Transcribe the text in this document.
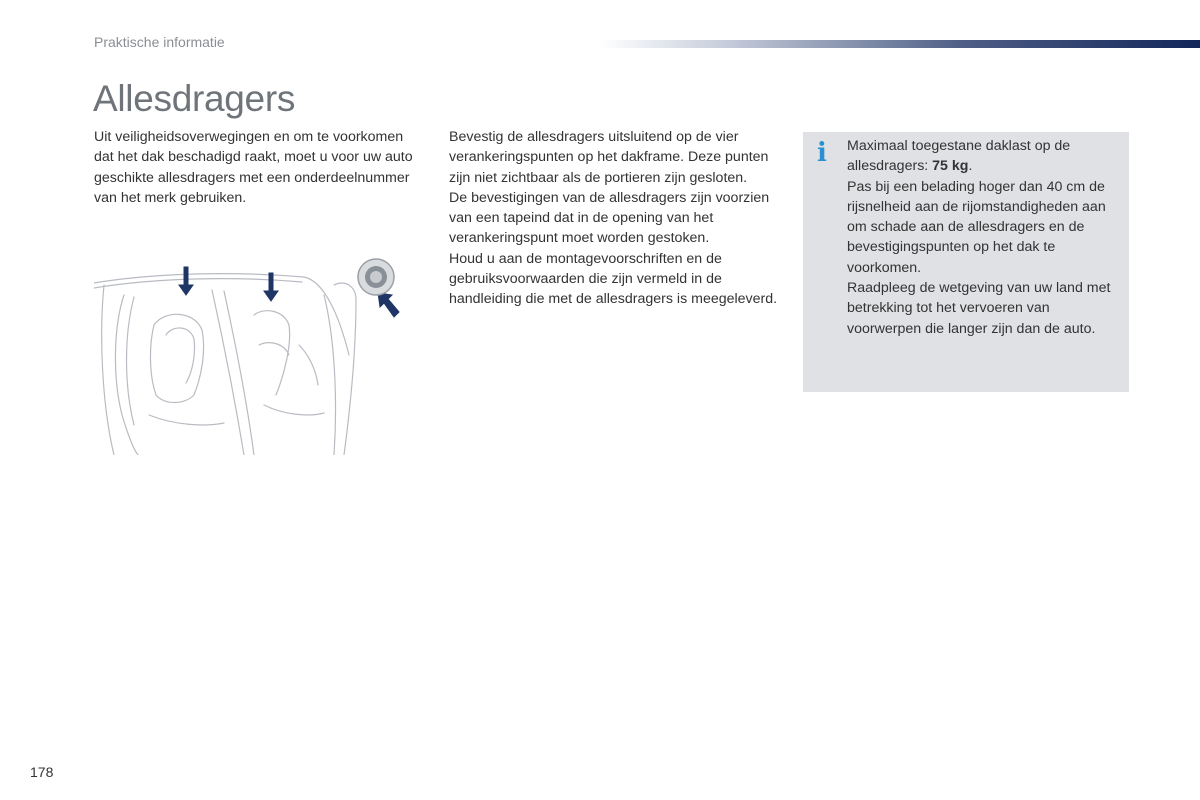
Praktische informatie
Allesdragers

Uit veiligheidsoverwegingen en om te voorkomen dat het dak beschadigd raakt, moet u voor uw auto geschikte allesdragers met een onderdeelnummer van het merk gebruiken.

Bevestig de allesdragers uitsluitend op de vier verankeringspunten op het dakframe. Deze punten zijn niet zichtbaar als de portieren zijn gesloten.

De bevestigingen van de allesdragers zijn voorzien van een tapeind dat in de opening van het verankeringspunt moet worden gestoken.

Houd u aan de montagevoorschriften en de gebruiksvoorwaarden die zijn vermeld in de handleiding die met de allesdragers is meegeleverd.

i Maximaal toegestane daklast op de allesdragers: 75 kg.

Pas bij een belading hoger dan 40 cm de rijsnelheid aan de rijomstandigheden aan om schade aan de allesdragers en de bevestigingspunten op het dak te voorkomen.

Raadpleeg de wetgeving van uw land met betrekking tot het vervoeren van voorwerpen die langer zijn dan de auto.

178
